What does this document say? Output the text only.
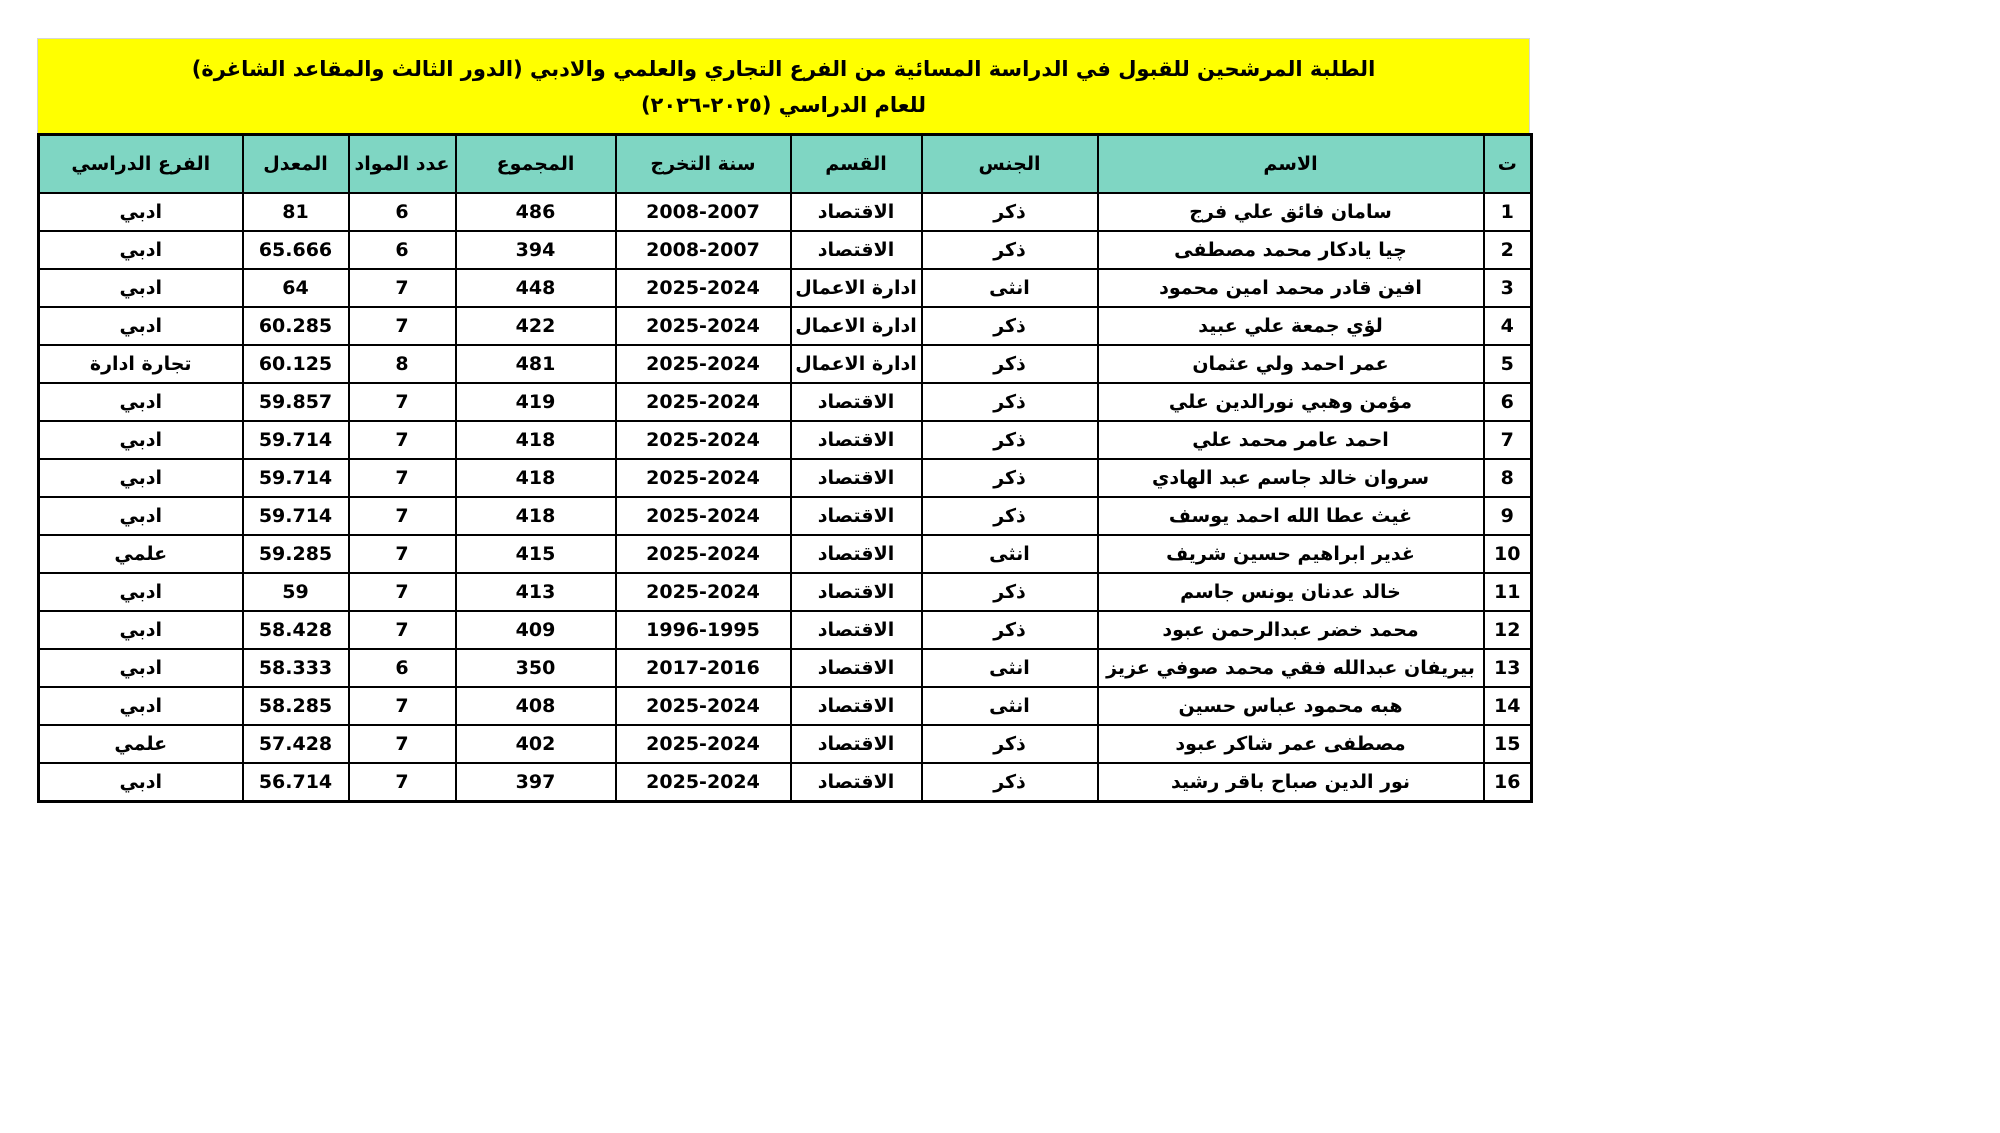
الطلبة المرشحين للقبول في الدراسة المسائية من الفرع التجاري والعلمي والادبي (الدور الثالث والمقاعد الشاغرة)
للعام الدراسي (٢٠٢٥-٢٠٢٦)
ت	الاسم	الجنس	القسم	سنة التخرج	المجموع	عدد المواد	المعدل	الفرع الدراسي
1	سامان فائق علي فرج	ذكر	الاقتصاد	2008-2007	486	6	81	ادبي
2	چيا يادكار محمد مصطفى	ذكر	الاقتصاد	2008-2007	394	6	65.666	ادبي
3	افين قادر محمد امين محمود	انثى	ادارة الاعمال	2025-2024	448	7	64	ادبي
4	لؤي جمعة علي عبيد	ذكر	ادارة الاعمال	2025-2024	422	7	60.285	ادبي
5	عمر احمد ولي عثمان	ذكر	ادارة الاعمال	2025-2024	481	8	60.125	تجارة ادارة
6	مؤمن وهبي نورالدين علي	ذكر	الاقتصاد	2025-2024	419	7	59.857	ادبي
7	احمد عامر محمد علي	ذكر	الاقتصاد	2025-2024	418	7	59.714	ادبي
8	سروان خالد جاسم عبد الهادي	ذكر	الاقتصاد	2025-2024	418	7	59.714	ادبي
9	غيث عطا الله احمد يوسف	ذكر	الاقتصاد	2025-2024	418	7	59.714	ادبي
10	غدير ابراهيم حسين شريف	انثى	الاقتصاد	2025-2024	415	7	59.285	علمي
11	خالد عدنان يونس جاسم	ذكر	الاقتصاد	2025-2024	413	7	59	ادبي
12	محمد خضر عبدالرحمن عبود	ذكر	الاقتصاد	1996-1995	409	7	58.428	ادبي
13	بيريفان عبدالله فقي محمد صوفي عزيز	انثى	الاقتصاد	2017-2016	350	6	58.333	ادبي
14	هبه محمود عباس حسين	انثى	الاقتصاد	2025-2024	408	7	58.285	ادبي
15	مصطفى عمر شاكر عبود	ذكر	الاقتصاد	2025-2024	402	7	57.428	علمي
16	نور الدين صباح باقر رشيد	ذكر	الاقتصاد	2025-2024	397	7	56.714	ادبي
